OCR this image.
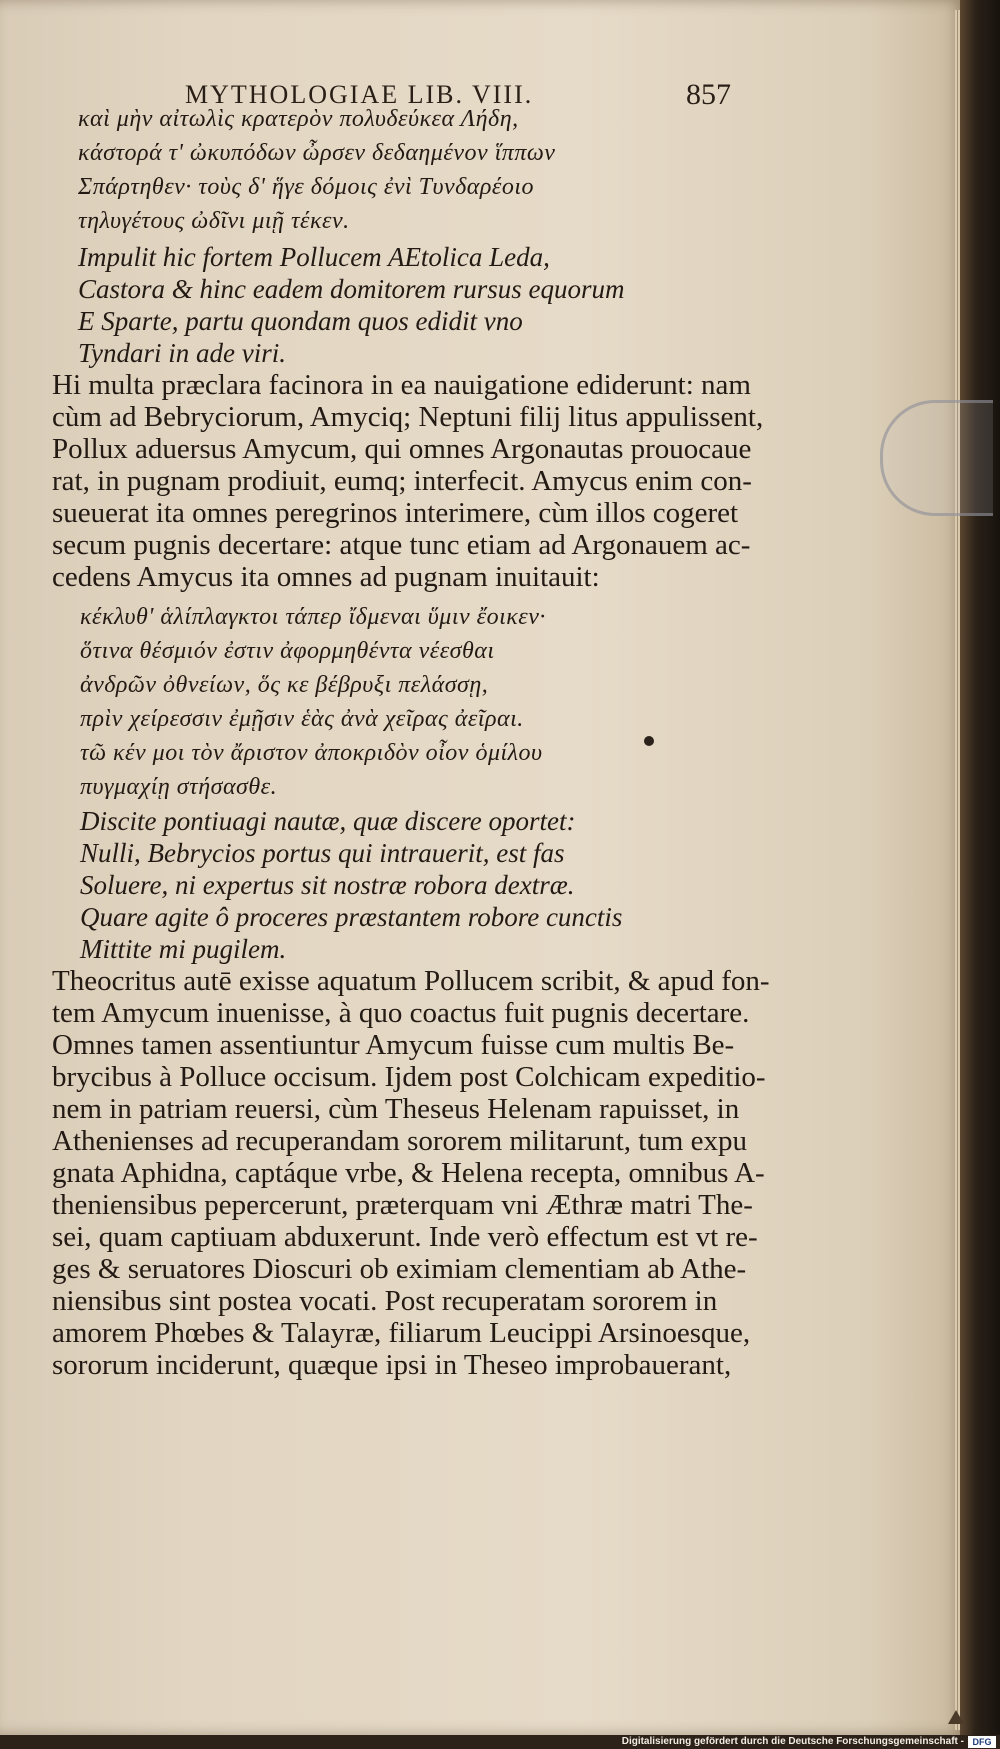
MYTHOLOGIAE LIB. VIII.	857
καὶ μὴν αἰτωλὶς κρατερὸν πολυδεύκεα Λήδη,
κάστορά τ' ὠκυπόδων ὦρσεν δεδαημένον ἵππων
Σπάρτηθεν· τοὺς δ' ἥγε δόμοις ἐνὶ Τυνδαρέοιο
τηλυγέτους ὠδῖνι μιῇ τέκεν.
Impulit hic fortem Pollucem AEtolica Leda,
Castora & hinc eadem domitorem rursus equorum
E Sparte, partu quondam quos edidit vno
Tyndari in ade viri.
Hi multa præclara facinora in ea nauigatione ediderunt: nam
cùm ad Bebryciorum, Amyciq; Neptuni filij litus appulissent,
Pollux aduersus Amycum, qui omnes Argonautas prouocaue
rat, in pugnam prodiuit, eumq; interfecit. Amycus enim con-
sueuerat ita omnes peregrinos interimere, cùm illos cogeret
secum pugnis decertare: atque tunc etiam ad Argonauem ac-
cedens Amycus ita omnes ad pugnam inuitauit:
κέκλυθ' ἁλίπλαγκτοι τάπερ ἴδμεναι ὕμιν ἔοικεν·
ὅτινα θέσμιόν ἐστιν ἀφορμηθέντα νέεσθαι
ἀνδρῶν ὀθνείων, ὅς κε βέβρυξι πελάσσῃ,
πρὶν χείρεσσιν ἐμῇσιν ἑὰς ἀνὰ χεῖρας ἀεῖραι.
τῶ κέν μοι τὸν ἄριστον ἀποκριδὸν οἶον ὁμίλου
πυγμαχίῃ στήσασθε.
Discite pontiuagi nautæ, quæ discere oportet:
Nulli, Bebrycios portus qui intrauerit, est fas
Soluere, ni expertus sit nostræ robora dextræ.
Quare agite ô proceres præstantem robore cunctis
Mittite mi pugilem.
Theocritus autē exisse aquatum Pollucem scribit, & apud fon-
tem Amycum inuenisse, à quo coactus fuit pugnis decertare.
Omnes tamen assentiuntur Amycum fuisse cum multis Be-
brycibus à Polluce occisum. Ijdem post Colchicam expeditio-
nem in patriam reuersi, cùm Theseus Helenam rapuisset, in
Athenienses ad recuperandam sororem militarunt, tum expu
gnata Aphidna, captáque vrbe, & Helena recepta, omnibus A-
theniensibus pepercerunt, præterquam vni Æthræ matri The-
sei, quam captiuam abduxerunt. Inde verò effectum est vt re-
ges & seruatores Dioscuri ob eximiam clementiam ab Athe-
niensibus sint postea vocati. Post recuperatam sororem in
amorem Phœbes & Talayræ, filiarum Leucippi Arsinoesque,
sororum inciderunt, quæque ipsi in Theseo improbauerant,
Digitalisierung gefördert durch die Deutsche Forschungsgemeinschaft - DFG
